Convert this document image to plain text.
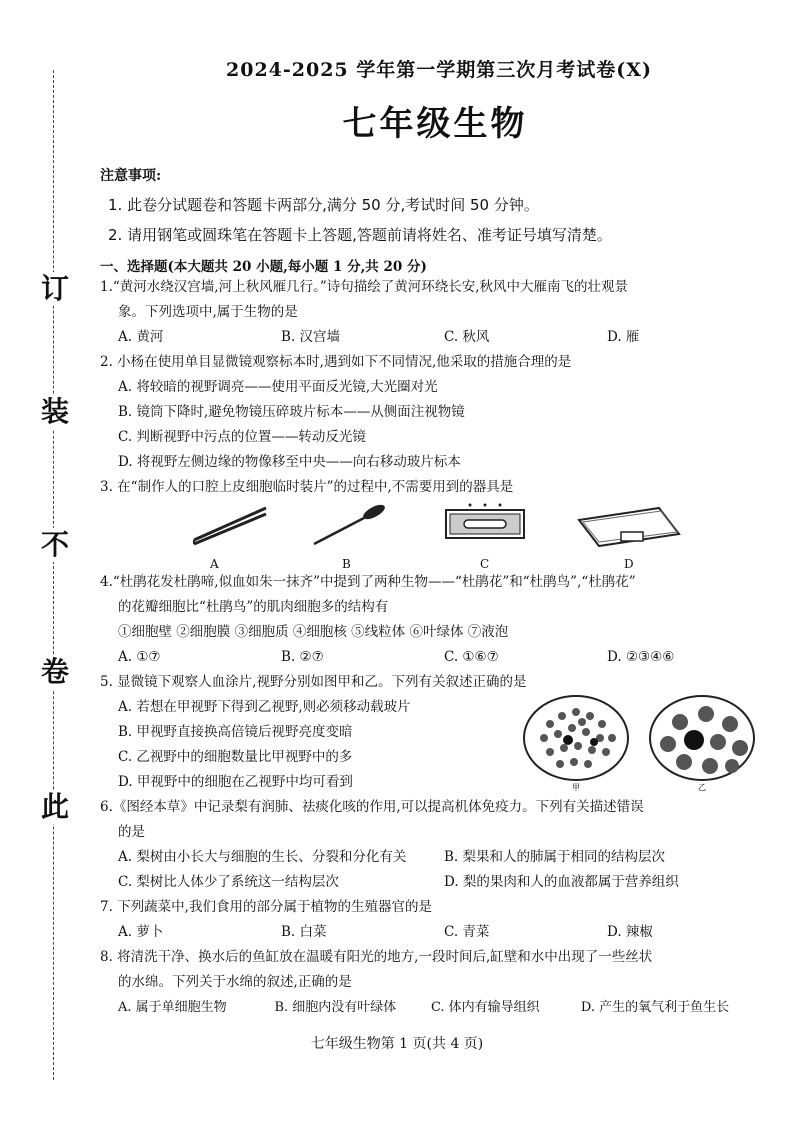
此
卷
不
装
订
2024-2025 学年第一学期第三次月考试卷(X)
七年级生物
注意事项:
1. 此卷分试题卷和答题卡两部分,满分 50 分,考试时间 50 分钟。
2. 请用钢笔或圆珠笔在答题卡上答题,答题前请将姓名、准考证号填写清楚。
一、选择题(本大题共 20 小题,每小题 1 分,共 20 分)
1.“黄河水绕汉宫墙,河上秋风雁几行。”诗句描绘了黄河环绕长安,秋风中大雁南飞的壮观景
象。下列选项中,属于生物的是
A. 黄河	B. 汉宫墙	C. 秋风	D. 雁
2. 小杨在使用单目显微镜观察标本时,遇到如下不同情况,他采取的措施合理的是
A. 将较暗的视野调亮——使用平面反光镜,大光圈对光
B. 镜筒下降时,避免物镜压碎玻片标本——从侧面注视物镜
C. 判断视野中污点的位置——转动反光镜
D. 将视野左侧边缘的物像移至中央——向右移动玻片标本
3. 在“制作人的口腔上皮细胞临时装片”的过程中,不需要用到的器具是
A	B	C	D
4.“杜鹃花发杜鹃啼,似血如朱一抹齐”中提到了两种生物——“杜鹃花”和“杜鹃鸟”,“杜鹃花”
的花瓣细胞比“杜鹃鸟”的肌肉细胞多的结构有
①细胞壁 ②细胞膜 ③细胞质 ④细胞核 ⑤线粒体 ⑥叶绿体 ⑦液泡
A. ①⑦	B. ②⑦	C. ①⑥⑦	D. ②③④⑥
5. 显微镜下观察人血涂片,视野分别如图甲和乙。下列有关叙述正确的是
A. 若想在甲视野下得到乙视野,则必须移动载玻片
B. 甲视野直接换高倍镜后视野亮度变暗
C. 乙视野中的细胞数量比甲视野中的多
D. 甲视野中的细胞在乙视野中均可看到	甲	乙
6.《图经本草》中记录梨有润肺、祛痰化咳的作用,可以提高机体免疫力。下列有关描述错误
的是
A. 梨树由小长大与细胞的生长、分裂和分化有关	B. 梨果和人的肺属于相同的结构层次
C. 梨树比人体少了系统这一结构层次	D. 梨的果肉和人的血液都属于营养组织
7. 下列蔬菜中,我们食用的部分属于植物的生殖器官的是
A. 萝卜	B. 白菜	C. 青菜	D. 辣椒
8. 将清洗干净、换水后的鱼缸放在温暖有阳光的地方,一段时间后,缸壁和水中出现了一些丝状
的水绵。下列关于水绵的叙述,正确的是
A. 属于单细胞生物	B. 细胞内没有叶绿体	C. 体内有输导组织	D. 产生的氧气利于鱼生长
七年级生物第 1 页(共 4 页)
